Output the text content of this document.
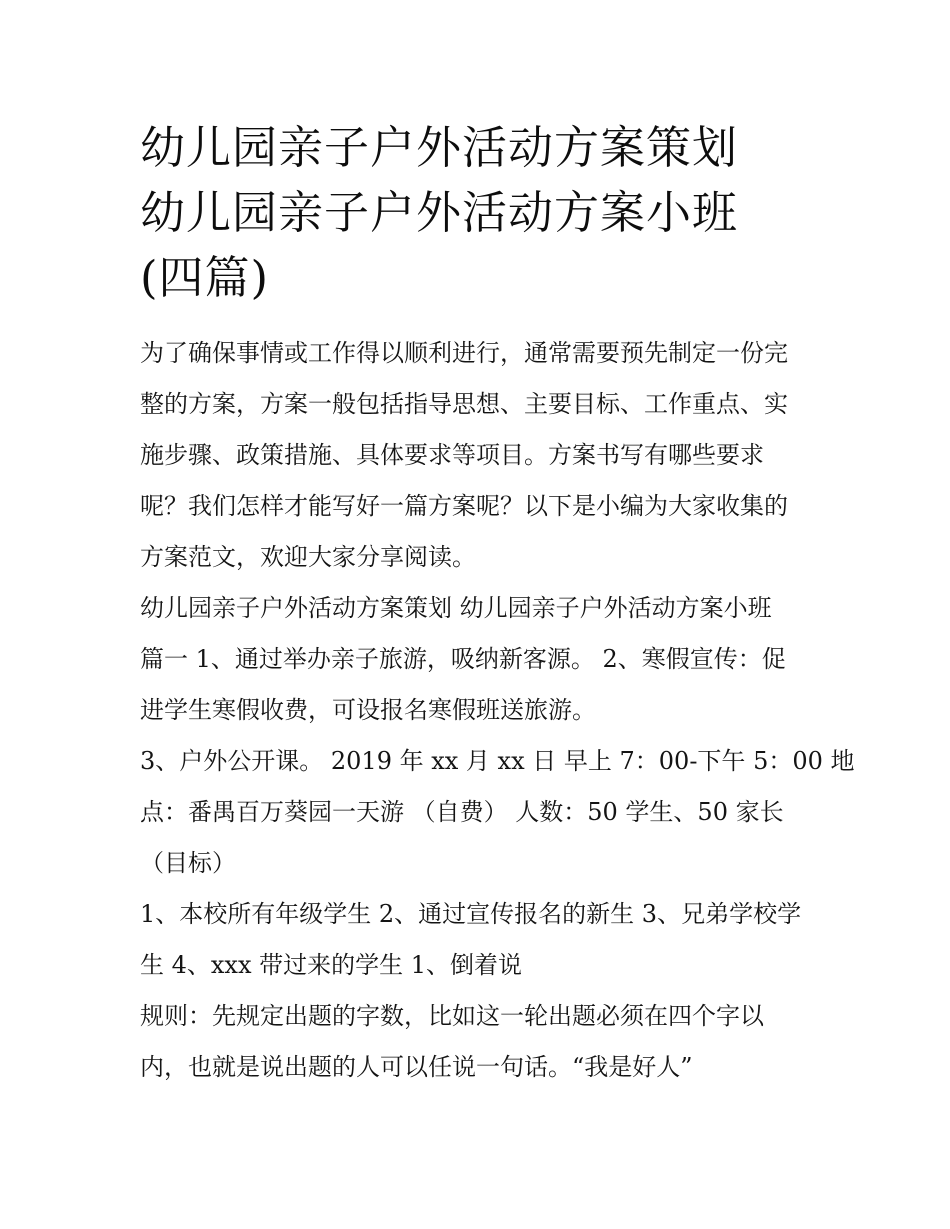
幼儿园亲子户外活动方案策划
幼儿园亲子户外活动方案小班
(四篇)

为了确保事情或工作得以顺利进行，通常需要预先制定一份完
整的方案，方案一般包括指导思想、主要目标、工作重点、实
施步骤、政策措施、具体要求等项目。方案书写有哪些要求
呢？我们怎样才能写好一篇方案呢？以下是小编为大家收集的
方案范文，欢迎大家分享阅读。

幼儿园亲子户外活动方案策划 幼儿园亲子户外活动方案小班
篇一 1、通过举办亲子旅游，吸纳新客源。 2、寒假宣传：促
进学生寒假收费，可设报名寒假班送旅游。

3、户外公开课。 2019 年 xx 月 xx 日 早上 7：00-下午 5：00 地
点：番禺百万葵园一天游 （自费） 人数：50 学生、50 家长
（目标）

1、本校所有年级学生 2、通过宣传报名的新生 3、兄弟学校学
生 4、xxx 带过来的学生 1、倒着说

规则：先规定出题的字数，比如这一轮出题必须在四个字以
内，也就是说出题的人可以任说一句话。“我是好人”
